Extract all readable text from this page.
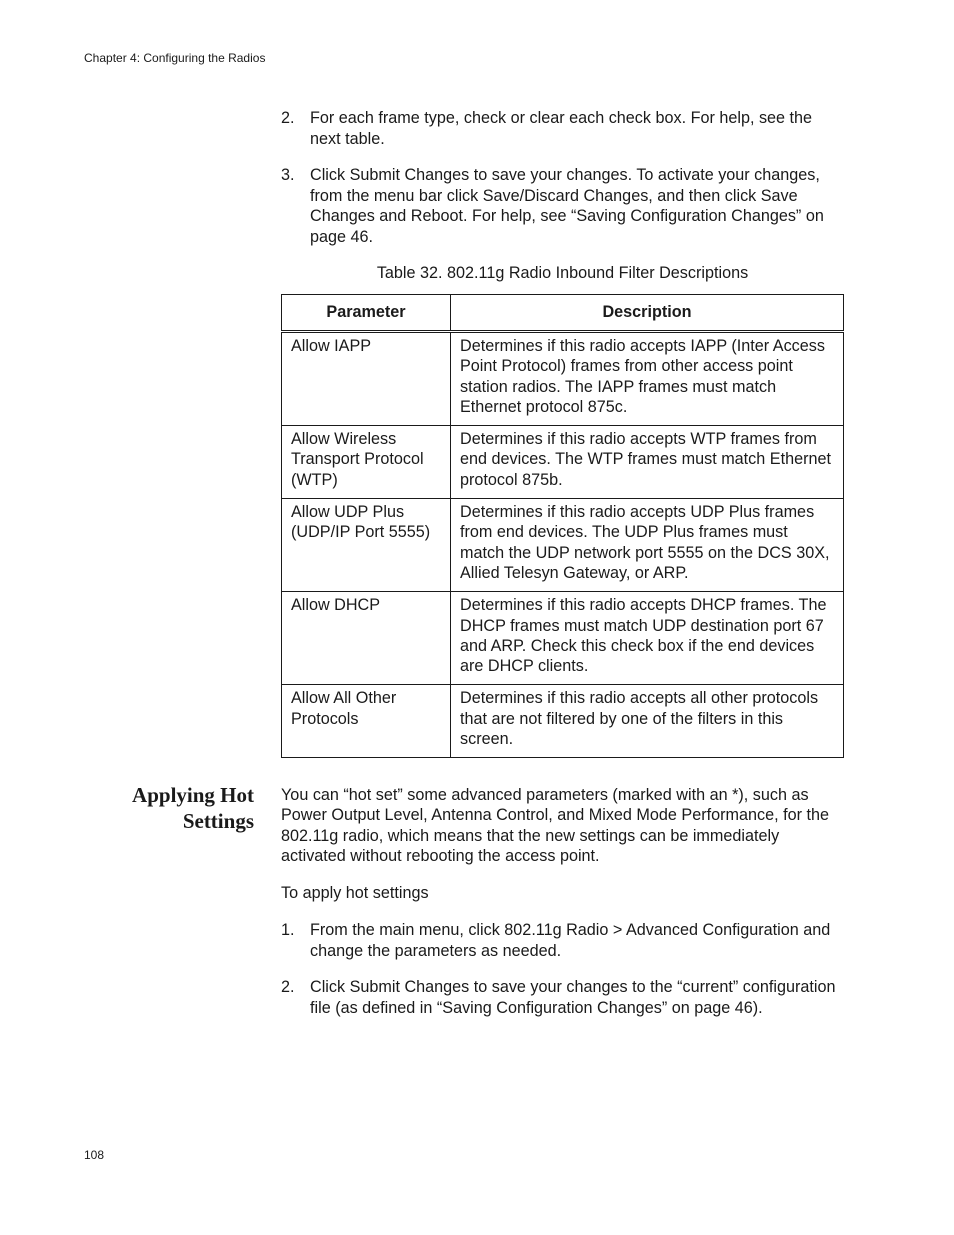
Chapter 4: Configuring the Radios
2. For each frame type, check or clear each check box. For help, see the next table.
3. Click Submit Changes to save your changes. To activate your changes, from the menu bar click Save/Discard Changes, and then click Save Changes and Reboot. For help, see “Saving Configuration Changes” on page 46.
Table 32. 802.11g Radio Inbound Filter Descriptions
Parameter	Description
Allow IAPP	Determines if this radio accepts IAPP (Inter Access Point Protocol) frames from other access point station radios. The IAPP frames must match Ethernet protocol 875c.
Allow Wireless Transport Protocol (WTP)	Determines if this radio accepts WTP frames from end devices. The WTP frames must match Ethernet protocol 875b.
Allow UDP Plus (UDP/IP Port 5555)	Determines if this radio accepts UDP Plus frames from end devices. The UDP Plus frames must match the UDP network port 5555 on the DCS 30X, Allied Telesyn Gateway, or ARP.
Allow DHCP	Determines if this radio accepts DHCP frames. The DHCP frames must match UDP destination port 67 and ARP. Check this check box if the end devices are DHCP clients.
Allow All Other Protocols	Determines if this radio accepts all other protocols that are not filtered by one of the filters in this screen.
Applying Hot
Settings

You can “hot set” some advanced parameters (marked with an *), such as Power Output Level, Antenna Control, and Mixed Mode Performance, for the 802.11g radio, which means that the new settings can be immediately activated without rebooting the access point.

To apply hot settings

1. From the main menu, click 802.11g Radio > Advanced Configuration and change the parameters as needed.
2. Click Submit Changes to save your changes to the “current” configuration file (as defined in “Saving Configuration Changes” on page 46).
108
